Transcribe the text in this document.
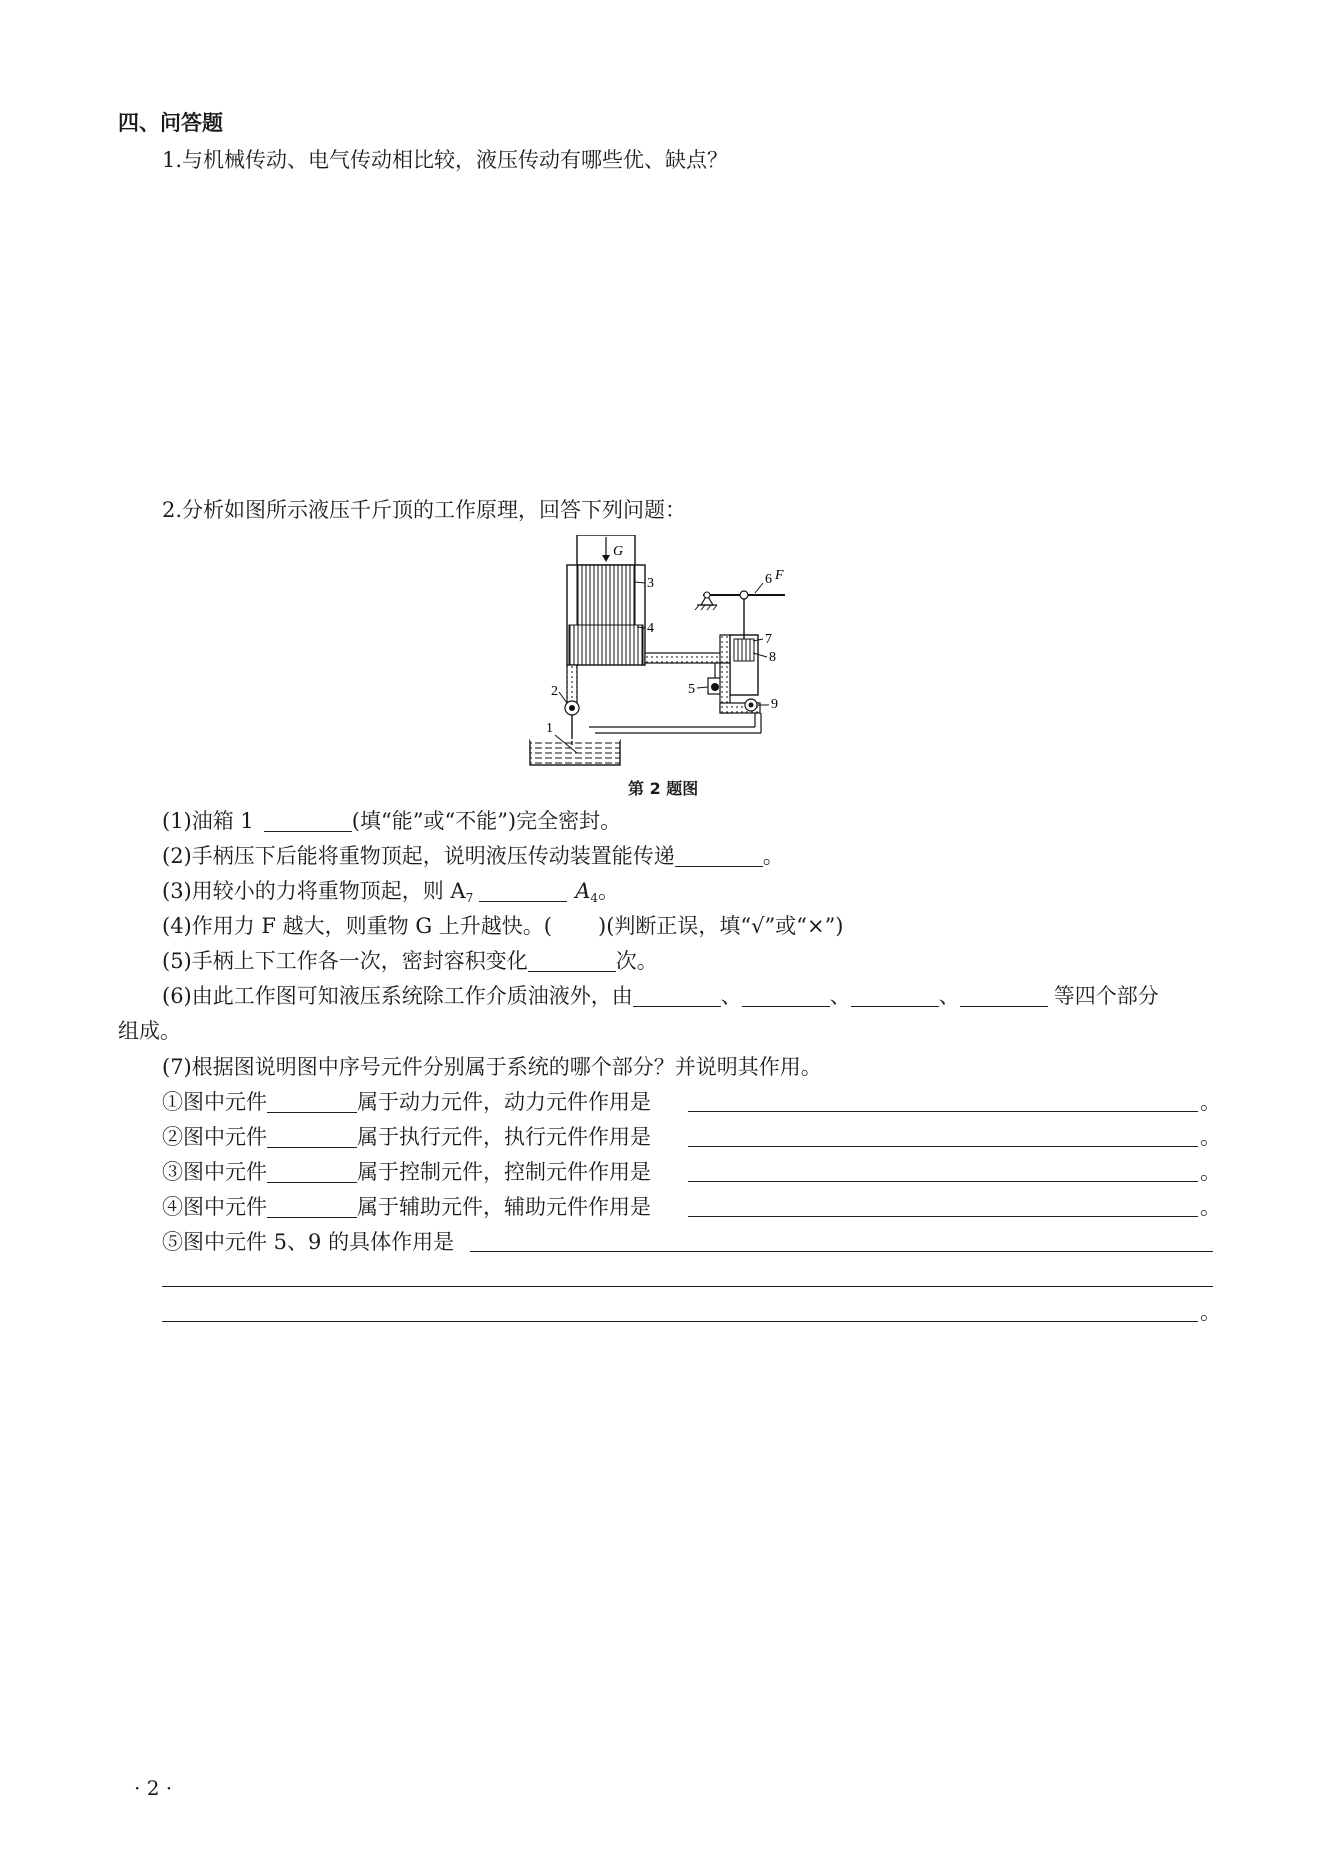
四、问答题
1.与机械传动、电气传动相比较，液压传动有哪些优、缺点？
2.分析如图所示液压千斤顶的工作原理，回答下列问题：
G
F
3
4
7
8
9
5
6
2
1
第 2 题图
(1)油箱 1	(填“能”或“不能”)完全密封。
(2)手柄压下后能将重物顶起，说明液压传动装置能传递	。
(3)用较小的力将重物顶起，则 $A_7$	$A_4$。
(4)作用力 F 越大，则重物 G 上升越快。( )(判断正误，填“√”或“×”)
(5)手柄上下工作各一次，密封容积变化	次。
(6)由此工作图可知液压系统除工作介质油液外，由	、	、	、	等四个部分
组成。
(7)根据图说明图中序号元件分别属于系统的哪个部分？并说明其作用。
①图中元件	属于动力元件，动力元件作用是	。
②图中元件	属于执行元件，执行元件作用是	。
③图中元件	属于控制元件，控制元件作用是	。
④图中元件	属于辅助元件，辅助元件作用是	。
⑤图中元件 5、9 的具体作用是
。
· 2 ·
